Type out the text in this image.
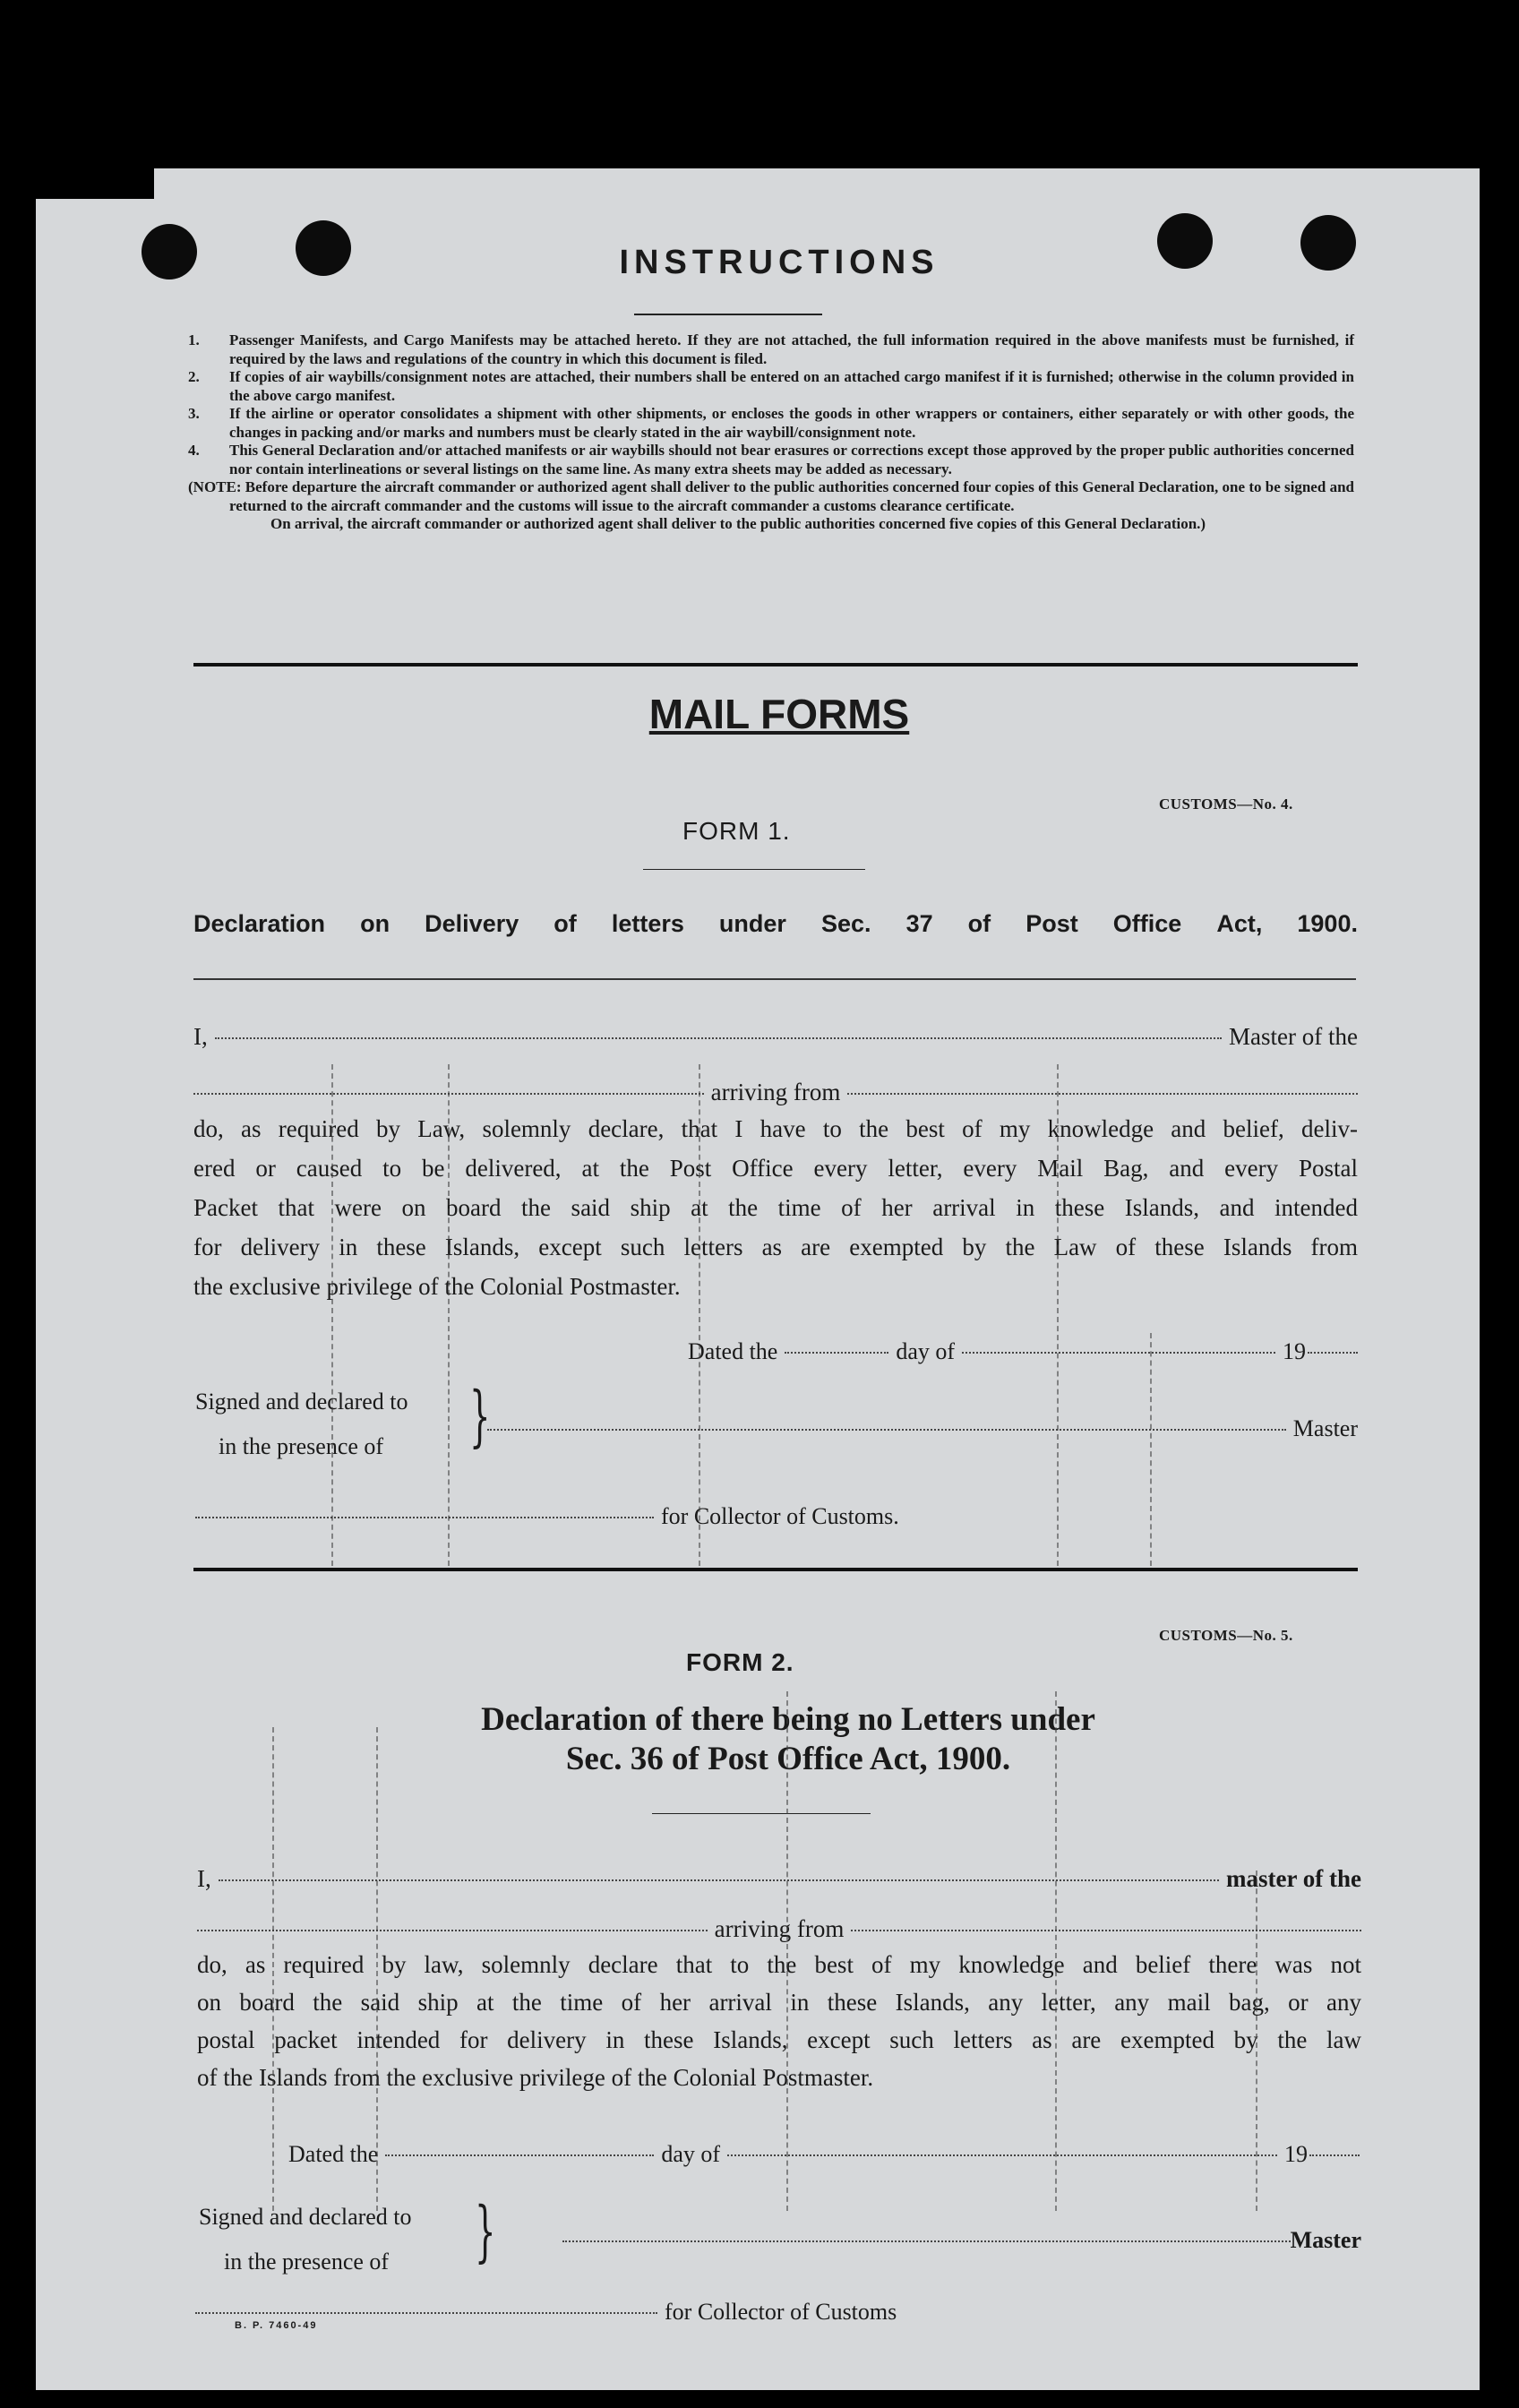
INSTRUCTIONS
1.	Passenger Manifests, and Cargo Manifests may be attached hereto. If they are not attached, the full information required in the above manifests must be furnished, if required by the laws and regulations of the country in which this document is filed.
2.	If copies of air waybills/consignment notes are attached, their numbers shall be entered on an attached cargo manifest if it is furnished; otherwise in the column provided in the above cargo manifest.
3.	If the airline or operator consolidates a shipment with other shipments, or encloses the goods in other wrappers or containers, either separately or with other goods, the changes in packing and/or marks and numbers must be clearly stated in the air waybill/consignment note.
4.	This General Declaration and/or attached manifests or air waybills should not bear erasures or corrections except those approved by the proper public authorities concerned nor contain interlineations or several listings on the same line. As many extra sheets may be added as necessary.
(NOTE: Before departure the aircraft commander or authorized agent shall deliver to the public authorities concerned four copies of this General Declaration, one to be signed and returned to the aircraft commander and the customs will issue to the aircraft commander a customs clearance certificate.
On arrival, the aircraft commander or authorized agent shall deliver to the public authorities concerned five copies of this General Declaration.)
MAIL FORMS
CUSTOMS—No. 4.
FORM 1.
Declaration on Delivery of letters under Sec. 37 of Post Office Act, 1900.
I,	Master of the
arriving from
do, as required by Law, solemnly declare, that I have to the best of my knowledge and belief, deliv-
ered or caused to be delivered, at the Post Office every letter, every Mail Bag, and every Postal
Packet that were on board the said ship at the time of her arrival in these Islands, and intended
for delivery in these Islands, except such letters as are exempted by the Law of these Islands from
the exclusive privilege of the Colonial Postmaster.
Dated the	day of	19
Signed and declared to
in the presence of	}	Master
for Collector of Customs.
CUSTOMS—No. 5.
FORM 2.
Declaration of there being no Letters under
Sec. 36 of Post Office Act, 1900.
I,	master of the
arriving from
do, as required by law, solemnly declare that to the best of my knowledge and belief there was not
on board the said ship at the time of her arrival in these Islands, any letter, any mail bag, or any
postal packet intended for delivery in these Islands, except such letters as are exempted by the law
of the Islands from the exclusive privilege of the Colonial Postmaster.
Dated the	day of	19
Signed and declared to
in the presence of	}	Master
for Collector of Customs
B. P. 7460-49
